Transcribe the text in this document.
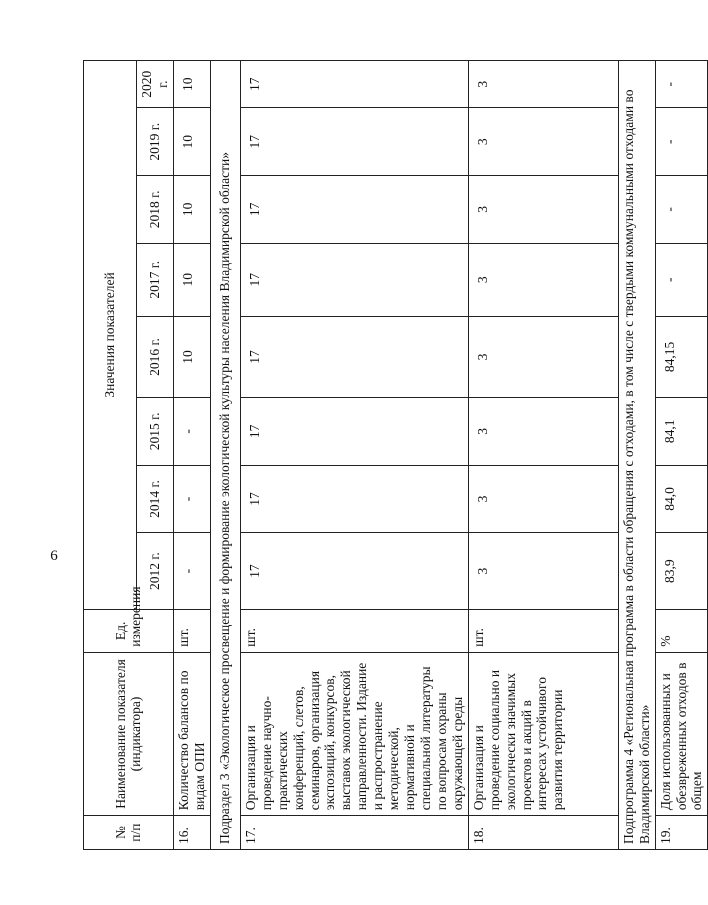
6
№
п/п	Наименование показателя (индикатора)	Ед. измерения	Значения показателей							
			2012 г.	2014 г.	2015 г.	2016 г.	2017 г.	2018 г.	2019 г.	2020 г.
16.	Количество балансов по видам ОПИ	шт.	-	-	-	10	10	10	10	10
Подраздел 3 «Экологическое просвещение и формирование экологической культуры населения Владимирской области»										
17.	Организация и проведение научно-практических конференций, слетов, семинаров, организация экспозиций, конкурсов, выставок экологической направленности. Издание и распространение методической, нормативной и специальной литературы по вопросам охраны окружающей среды	шт.	17	17	17	17	17	17	17	17
18.	Организация и проведение социально и экологически значимых проектов и акций в интересах устойчивого развития территории	шт.	3	3	3	3	3	3	3	3
Подпрограмма 4 «Региональная программа в области обращения с отходами, в том числе с твердыми коммунальными отходами во Владимирской области»										
19.	Доля использованных и обезвреженных отходов в общем	%	83,9	84,0	84,1	84,15	-	-	-	-
